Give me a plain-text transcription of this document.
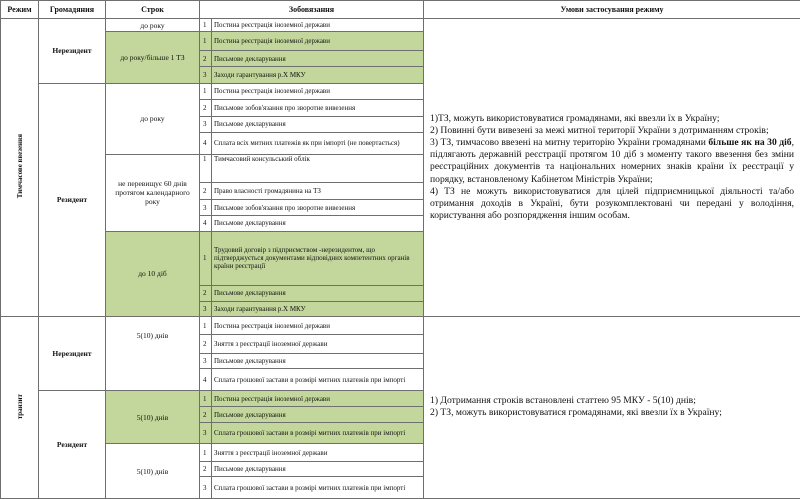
Режим	Громадяния	Строк	Зобовязання		Умови застосування режиму
Тимчасове ввезення	Нерезидент	до року	1	Постина реєстрація іноземної держави	1)ТЗ, можуть використовуватися громадянами, які ввезли їх в Україну;

2) Повинні бути вивезені за межі митної території України з дотриманням строків;

3) ТЗ, тимчасово ввезені на митну територію України громадянами більше як на 30 діб, підлягають державній реєстрації протягом 10 діб з моменту такого ввезення без зміни реєстраційних документів та національних номерних знаків країни їх реєстрації у порядку, встановленому Кабінетом Міністрів України;

4) ТЗ не можуть використовуватися для цілей підприємницької діяльності та/або отримання доходів в Україні, бути розукомплектовані чи передані у володіння, користування або розпорядження іншим особам.

		до року/більше 1 ТЗ	1	Постина реєстрація іноземної держави	
			2	Письмове декларування	
			3	Заходи гарантування р.Х МКУ	
	Резидент	до року	1	Постина реєстрація іноземної держави	
			2	Письмове зобов'язання про зворотне вивезення	
			3	Письмове декларування	
			4	Сплата всіх митних платежів як при імпорті (не повертається)	
		не перевищує 60 днів протягом календарного року	1	Тимчасовий консульський облік	
			2	Право власності громадянина на ТЗ	
			3	Письмове зобов'язання про зворотне вивезення	
			4	Письмове декларування	
		до 10 діб	1	Трудовий договір з підприємством -нерезидентом, що підтверджується документами відповідних компетентних органів країни реєстрації	
			2	Письмове декларування	
			3	Заходи гарантування р.Х МКУ	
транзит	Нерезидент	5(10) днів	1	Постина реєстрація іноземної держави	1) Дотримання строків встановлені статтею 95 МКУ - 5(10) днів;

2) ТЗ, можуть використовуватися громадянами, які ввезли їх в Україну;

			2	Зняття з реєстрації іноземної держави	
			3	Письмове декларування	
			4	Сплата грошової застави в розмірі митних платежів при імпорті	
	Резидент	5(10) днів	1	Постина реєстрація іноземної держави	
			2	Письмове декларування	
			3	Сплата грошової застави в розмірі митних платежів при імпорті	
		5(10) днів	1	Зняття з реєстрації іноземної держави	
			2	Письмове декларування	
			3	Сплата грошової застави в розмірі митних платежів при імпорті	
